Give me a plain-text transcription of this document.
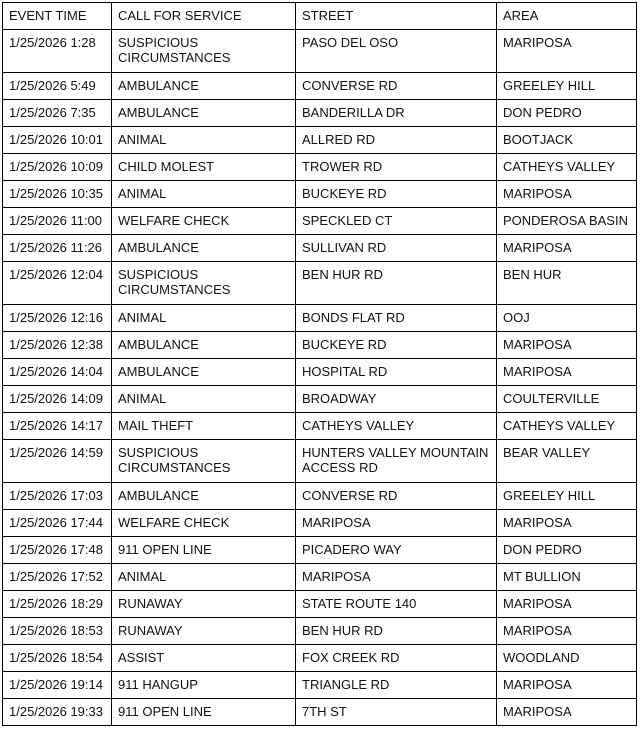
EVENT TIME	CALL FOR SERVICE	STREET	AREA
1/25/2026 1:28	SUSPICIOUS CIRCUMSTANCES	PASO DEL OSO	MARIPOSA
1/25/2026 5:49	AMBULANCE	CONVERSE RD	GREELEY HILL
1/25/2026 7:35	AMBULANCE	BANDERILLA DR	DON PEDRO
1/25/2026 10:01	ANIMAL	ALLRED RD	BOOTJACK
1/25/2026 10:09	CHILD MOLEST	TROWER RD	CATHEYS VALLEY
1/25/2026 10:35	ANIMAL	BUCKEYE RD	MARIPOSA
1/25/2026 11:00	WELFARE CHECK	SPECKLED CT	PONDEROSA BASIN
1/25/2026 11:26	AMBULANCE	SULLIVAN RD	MARIPOSA
1/25/2026 12:04	SUSPICIOUS CIRCUMSTANCES	BEN HUR RD	BEN HUR
1/25/2026 12:16	ANIMAL	BONDS FLAT RD	OOJ
1/25/2026 12:38	AMBULANCE	BUCKEYE RD	MARIPOSA
1/25/2026 14:04	AMBULANCE	HOSPITAL RD	MARIPOSA
1/25/2026 14:09	ANIMAL	BROADWAY	COULTERVILLE
1/25/2026 14:17	MAIL THEFT	CATHEYS VALLEY	CATHEYS VALLEY
1/25/2026 14:59	SUSPICIOUS CIRCUMSTANCES	HUNTERS VALLEY MOUNTAIN ACCESS RD	BEAR VALLEY
1/25/2026 17:03	AMBULANCE	CONVERSE RD	GREELEY HILL
1/25/2026 17:44	WELFARE CHECK	MARIPOSA	MARIPOSA
1/25/2026 17:48	911 OPEN LINE	PICADERO WAY	DON PEDRO
1/25/2026 17:52	ANIMAL	MARIPOSA	MT BULLION
1/25/2026 18:29	RUNAWAY	STATE ROUTE 140	MARIPOSA
1/25/2026 18:53	RUNAWAY	BEN HUR RD	MARIPOSA
1/25/2026 18:54	ASSIST	FOX CREEK RD	WOODLAND
1/25/2026 19:14	911 HANGUP	TRIANGLE RD	MARIPOSA
1/25/2026 19:33	911 OPEN LINE	7TH ST	MARIPOSA
